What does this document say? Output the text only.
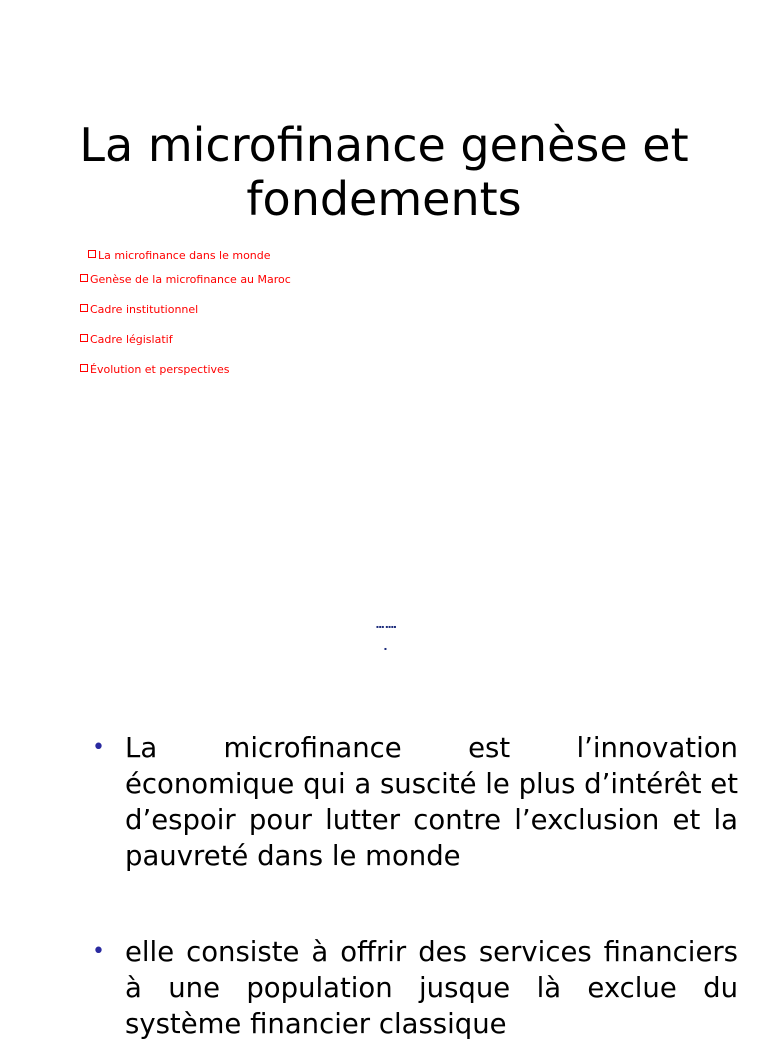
La microfinance genèse et fondements
La microfinance dans le monde
Genèse de la microfinance au Maroc
Cadre institutionnel
Cadre législatif
Évolution et perspectives
▪▪▪ ▪▪▪▪
▪
• La microfinance est l’innovation économique qui a suscité le plus d’intérêt et d’espoir pour lutter contre l’exclusion et la pauvreté dans le monde
• elle consiste à offrir des services financiers à une population jusque là exclue du système financier classique
